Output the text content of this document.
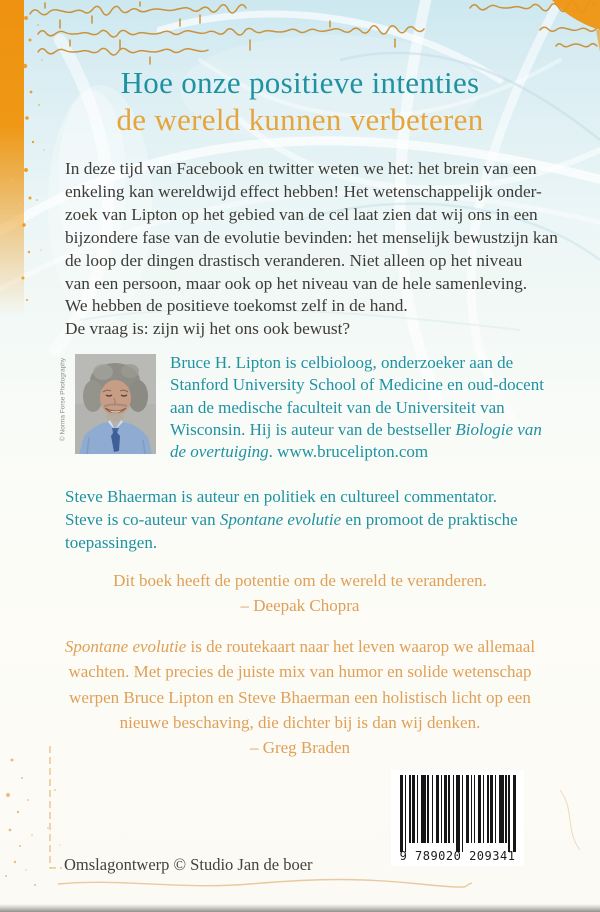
Hoe onze positieve intenties
de wereld kunnen verbeteren
In deze tijd van Facebook en twitter weten we het: het brein van een
enkeling kan wereldwijd effect hebben! Het wetenschappelijk onder-
zoek van Lipton op het gebied van de cel laat zien dat wij ons in een
bijzondere fase van de evolutie bevinden: het menselijk bewustzijn kan
de loop der dingen drastisch veranderen. Niet alleen op het niveau
van een persoon, maar ook op het niveau van de hele samenleving.
We hebben de positieve toekomst zelf in de hand.
De vraag is: zijn wij het ons ook bewust?
© Norma Forse Photography	Bruce H. Lipton is celbioloog, onderzoeker aan de
Stanford University School of Medicine en oud-docent
aan de medische faculteit van de Universiteit van
Wisconsin. Hij is auteur van de bestseller Biologie van
de overtuiging. www.brucelipton.com
Steve Bhaerman is auteur en politiek en cultureel commentator.
Steve is co-auteur van Spontane evolutie en promoot de praktische
toepassingen.
Dit boek heeft de potentie om de wereld te veranderen.
– Deepak Chopra
Spontane evolutie is de routekaart naar het leven waarop we allemaal
wachten. Met precies de juiste mix van humor en solide wetenschap
werpen Bruce Lipton en Steve Bhaerman een holistisch licht op een
nieuwe beschaving, die dichter bij is dan wij denken.
– Greg Braden
9 789020 209341
Omslagontwerp © Studio Jan de boer
